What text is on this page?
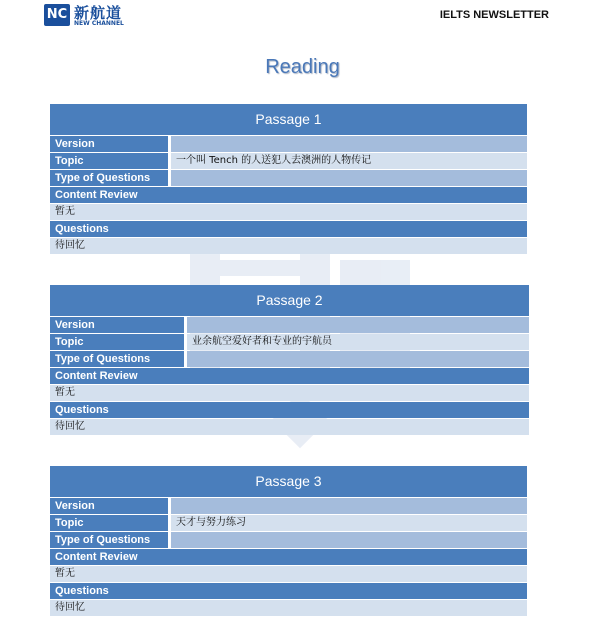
NC 新航道
NEW CHANNEL
IELTS NEWSLETTER
Reading
Passage 1
Version
Topic	一个叫 Tench 的人送犯人去澳洲的人物传记
Type of Questions
Content Review
暂无
Questions
待回忆
Passage 2
Version
Topic	业余航空爱好者和专业的宇航员
Type of Questions
Content Review
暂无
Questions
待回忆
Passage 3
Version
Topic	天才与努力练习
Type of Questions
Content Review
暂无
Questions
待回忆
